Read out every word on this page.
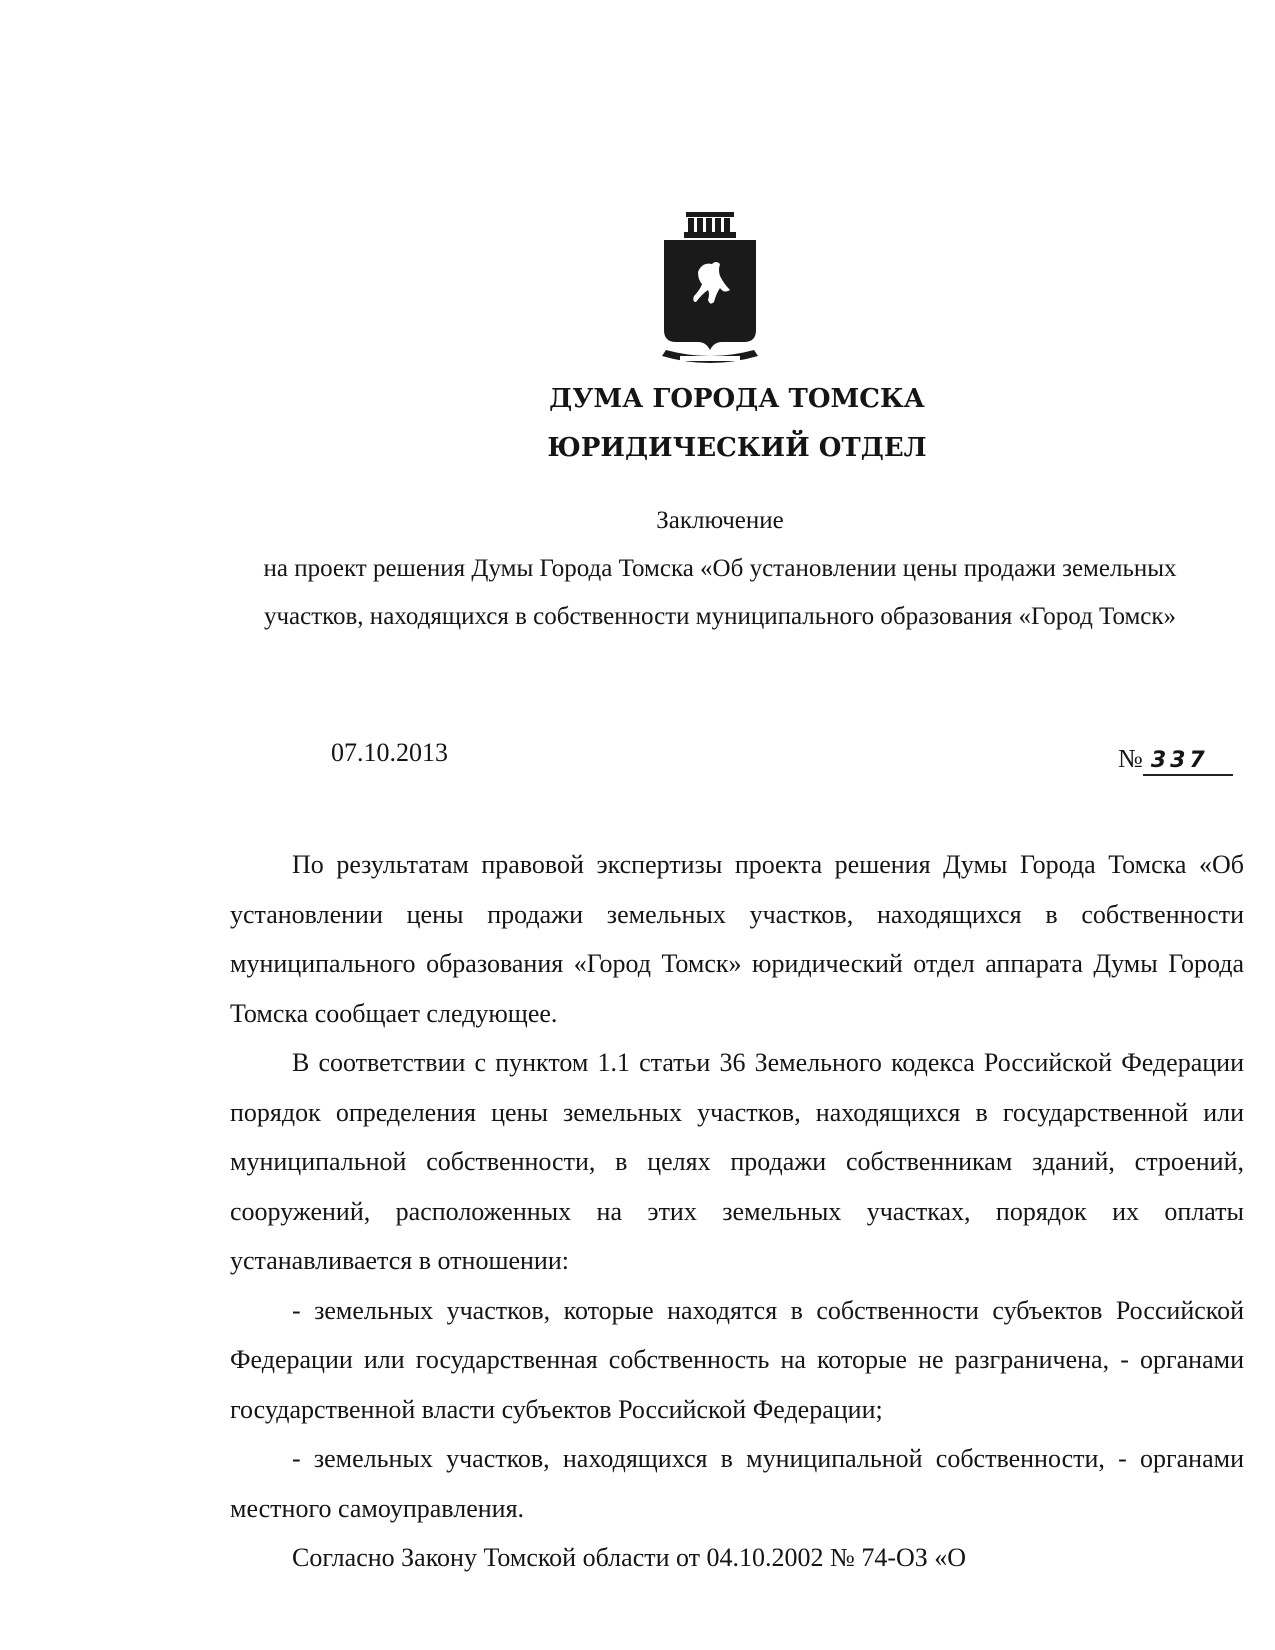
ДУМА ГОРОДА ТОМСКА

ЮРИДИЧЕСКИЙ ОТДЕЛ

Заключение

на проект решения Думы Города Томска «Об установлении цены продажи земельных участков, находящихся в собственности муниципального образования «Город Томск»

07.10.2013	№ 337

По результатам правовой экспертизы проекта решения Думы Города Томска «Об установлении цены продажи земельных участков, находящихся в собственности муниципального образования «Город Томск» юридический отдел аппарата Думы Города Томска сообщает следующее.

В соответствии с пунктом 1.1 статьи 36 Земельного кодекса Российской Федерации порядок определения цены земельных участков, находящихся в государственной или муниципальной собственности, в целях продажи собственникам зданий, строений, сооружений, расположенных на этих земельных участках, порядок их оплаты устанавливается в отношении:

- земельных участков, которые находятся в собственности субъектов Российской Федерации или государственная собственность на которые не разграничена, - органами государственной власти субъектов Российской Федерации;

- земельных участков, находящихся в муниципальной собственности, - органами местного самоуправления.

Согласно Закону Томской области от 04.10.2002 № 74-ОЗ «О
